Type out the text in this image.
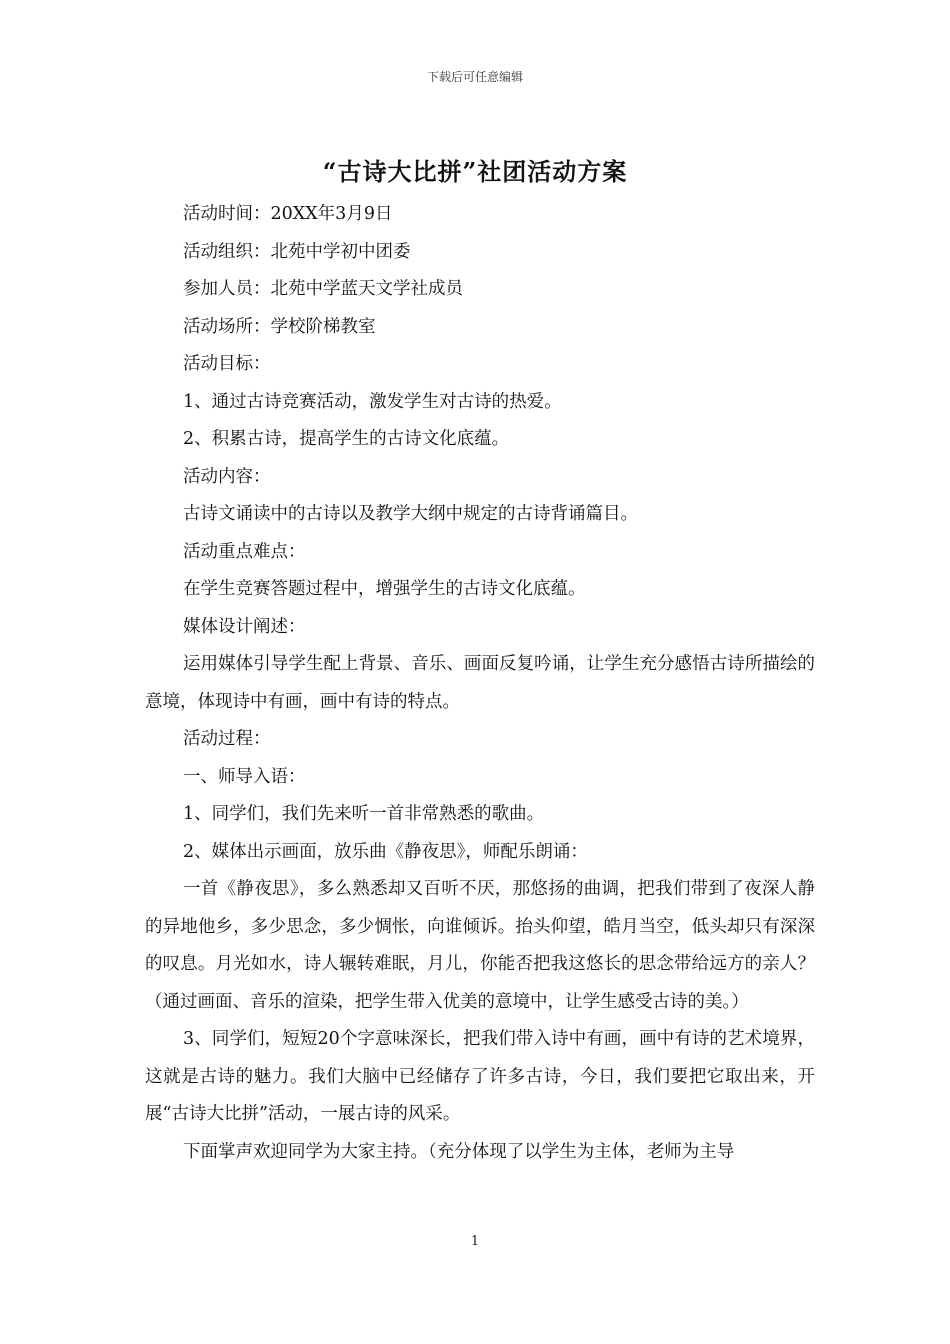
下载后可任意编辑
“古诗大比拼”社团活动方案
活动时间：20XX年3月9日
活动组织：北苑中学初中团委
参加人员：北苑中学蓝天文学社成员
活动场所：学校阶梯教室
活动目标：
1、通过古诗竞赛活动，激发学生对古诗的热爱。
2、积累古诗，提高学生的古诗文化底蕴。
活动内容：
古诗文诵读中的古诗以及教学大纲中规定的古诗背诵篇目。
活动重点难点：
在学生竞赛答题过程中，增强学生的古诗文化底蕴。
媒体设计阐述：

运用媒体引导学生配上背景、音乐、画面反复吟诵，让学生充分感悟古诗所描绘的意境，体现诗中有画，画中有诗的特点。

活动过程：
一、师导入语：
1、同学们，我们先来听一首非常熟悉的歌曲。
2、媒体出示画面，放乐曲《静夜思》，师配乐朗诵：

一首《静夜思》，多么熟悉却又百听不厌，那悠扬的曲调，把我们带到了夜深人静的异地他乡，多少思念，多少惆怅，向谁倾诉。抬头仰望，皓月当空，低头却只有深深的叹息。月光如水，诗人辗转难眠，月儿，你能否把我这悠长的思念带给远方的亲人？（通过画面、音乐的渲染，把学生带入优美的意境中，让学生感受古诗的美。）

3、同学们，短短20个字意味深长，把我们带入诗中有画，画中有诗的艺术境界，这就是古诗的魅力。我们大脑中已经储存了许多古诗，今日，我们要把它取出来，开展“古诗大比拼”活动，一展古诗的风采。

下面掌声欢迎同学为大家主持。（充分体现了以学生为主体，老师为主导

1
